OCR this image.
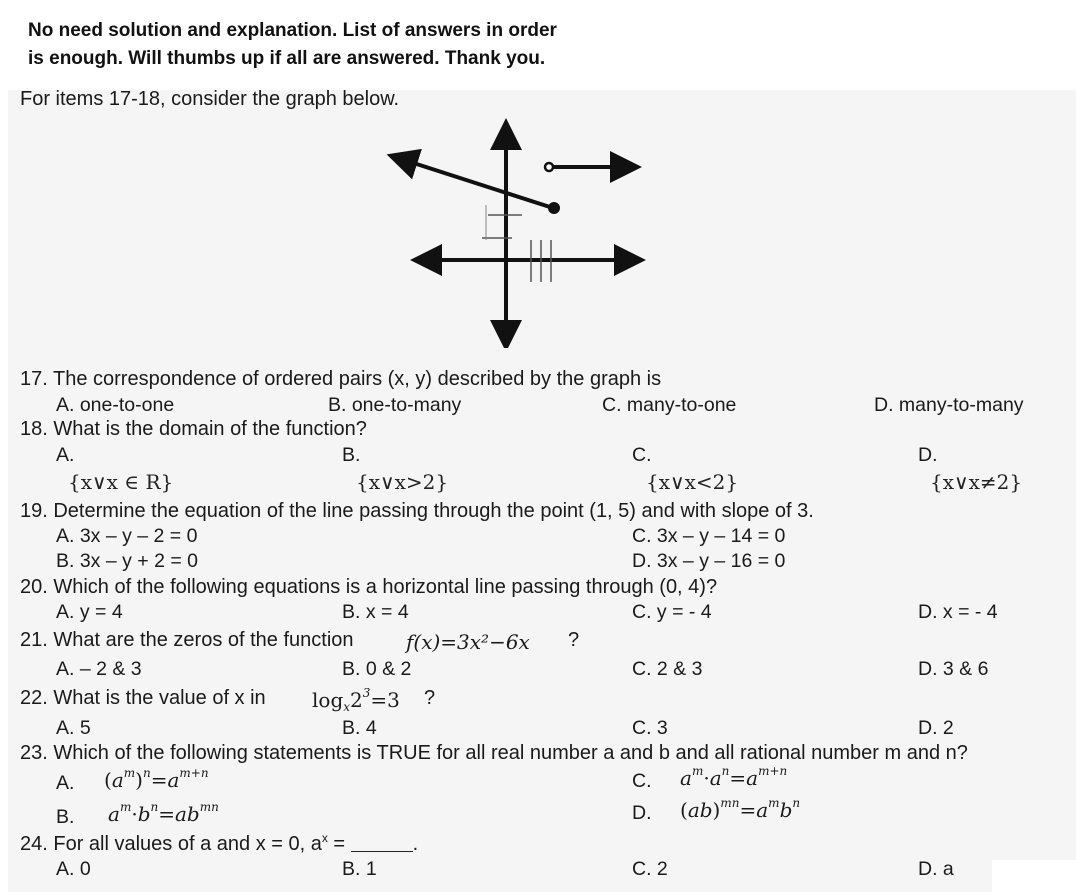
No need solution and explanation. List of answers in order
is enough. Will thumbs up if all are answered. Thank you.
For items 17-18, consider the graph below.
17. The correspondence of ordered pairs (x, y) described by the graph is
A. one-to-one	B. one-to-many	C. many-to-one	D. many-to-many
18. What is the domain of the function?
A.	B.	C.	D.
{x∨x ∈ R}	{x∨x>2}	{x∨x<2}	{x∨x≠2}
19. Determine the equation of the line passing through the point (1, 5) and with slope of 3.
A. 3x – y – 2 = 0
B. 3x – y + 2 = 0
C. 3x – y – 14 = 0
D. 3x – y – 16 = 0
20. Which of the following equations is a horizontal line passing through (0, 4)?
A. y = 4	B. x = 4	C. y = - 4	D. x = - 4
21. What are the zeros of the function	f(x)=3x²−6x ?
A. – 2 & 3	B. 0 & 2	C. 2 & 3	D. 3 & 6
22. What is the value of x in $\log_x2^3=3$ ?
A. 5	B. 4	C. 3	D. 2
23. Which of the following statements is TRUE for all real number a and b and all rational number m and n?
A. $(a^m)^n=a^{m+n}$
B. $a^m\cdot b^n=ab^{mn}$
C. $a^m\cdot a^n=a^{m+n}$
D. $(ab)^{mn}=a^mb^n$
24. For all values of a and x = 0, $a^x$ =	.
A. 0	B. 1	C. 2	D. a
